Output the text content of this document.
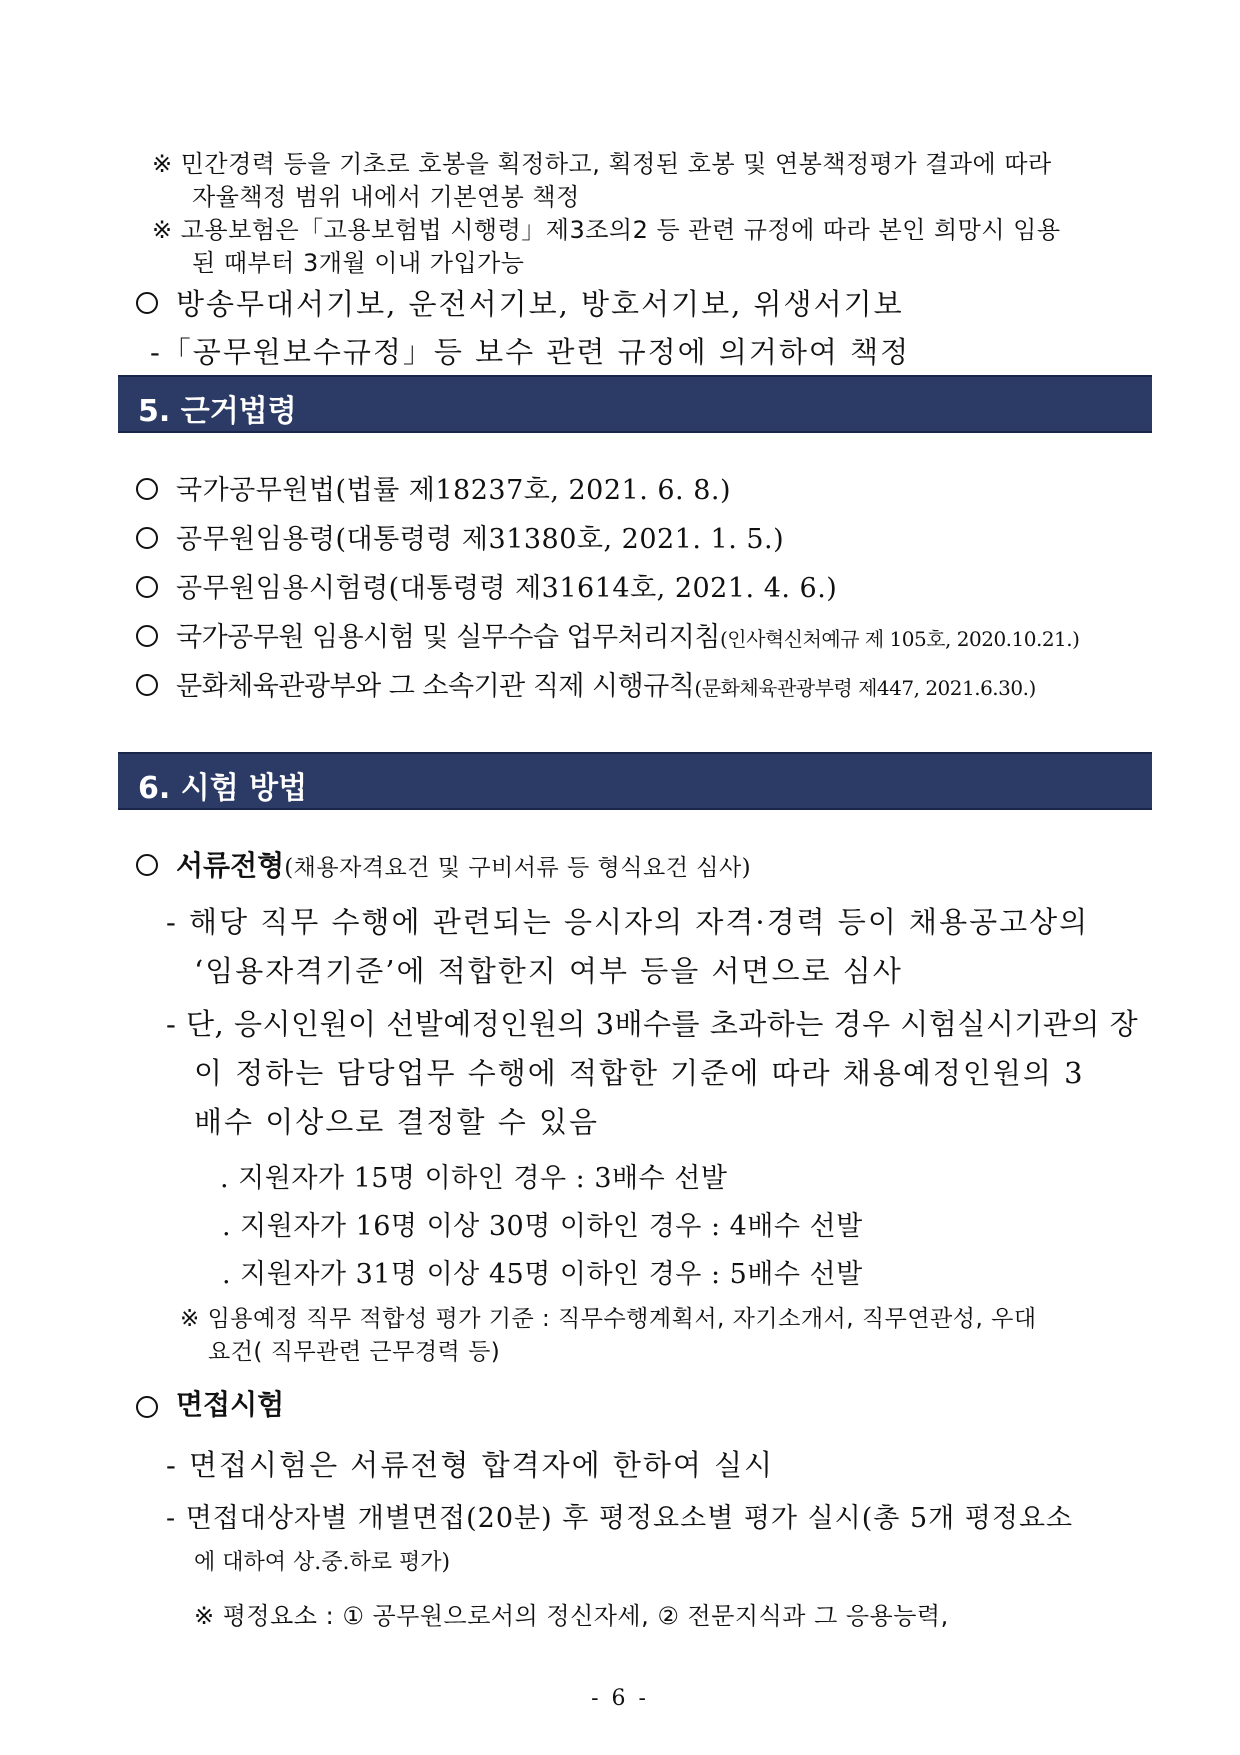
※ 민간경력 등을 기초로 호봉을 획정하고, 획정된 호봉 및 연봉책정평가 결과에 따라
자율책정 범위 내에서 기본연봉 책정
※ 고용보험은「고용보험법 시행령」제3조의2 등 관련 규정에 따라 본인 희망시 임용
된 때부터 3개월 이내 가입가능
방송무대서기보, 운전서기보, 방호서기보, 위생서기보
-「공무원보수규정」등 보수 관련 규정에 의거하여 책정
5. 근거법령
국가공무원법(법률 제18237호, 2021. 6. 8.)
공무원임용령(대통령령 제31380호, 2021. 1. 5.)
공무원임용시험령(대통령령 제31614호, 2021. 4. 6.)
국가공무원 임용시험 및 실무수습 업무처리지침(인사혁신처예규 제 105호, 2020.10.21.)
문화체육관광부와 그 소속기관 직제 시행규칙(문화체육관광부령 제447, 2021.6.30.)
6. 시험 방법
서류전형(채용자격요건 및 구비서류 등 형식요건 심사)
- 해당 직무 수행에 관련되는 응시자의 자격·경력 등이 채용공고상의
‘임용자격기준’에 적합한지 여부 등을 서면으로 심사
- 단, 응시인원이 선발예정인원의 3배수를 초과하는 경우 시험실시기관의 장
이 정하는 담당업무 수행에 적합한 기준에 따라 채용예정인원의 3
배수 이상으로 결정할 수 있음
. 지원자가 15명 이하인 경우 : 3배수 선발
. 지원자가 16명 이상 30명 이하인 경우 : 4배수 선발
. 지원자가 31명 이상 45명 이하인 경우 : 5배수 선발
※ 임용예정 직무 적합성 평가 기준 : 직무수행계획서, 자기소개서, 직무연관성, 우대
요건( 직무관련 근무경력 등)
면접시험
- 면접시험은 서류전형 합격자에 한하여 실시
- 면접대상자별 개별면접(20분) 후 평정요소별 평가 실시(총 5개 평정요소
에 대하여 상.중.하로 평가)
※ 평정요소 : ① 공무원으로서의 정신자세, ② 전문지식과 그 응용능력,
- 6 -
